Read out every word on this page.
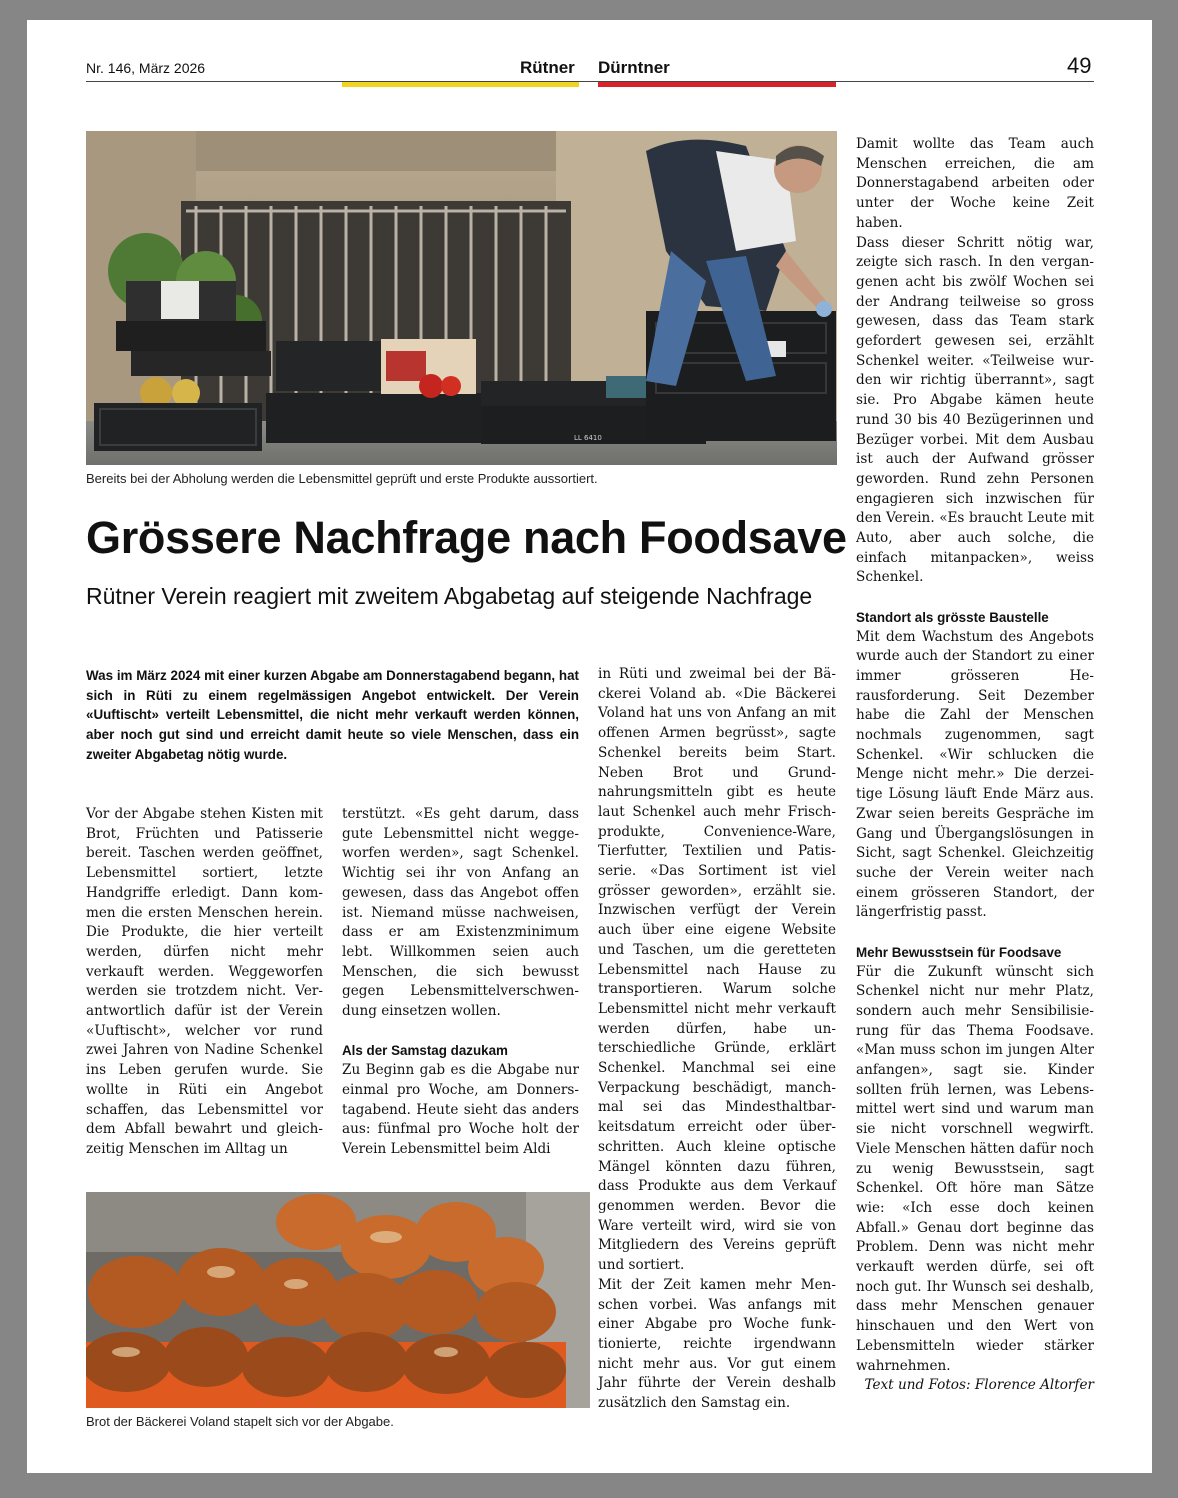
Nr. 146, März 2026	Rütner Dürntner	49
LL 6410
Bereits bei der Abholung werden die Lebensmittel geprüft und erste Produkte aussortiert.
Grössere Nachfrage nach Foodsave
Rütner Verein reagiert mit zweitem Abgabetag auf steigende Nachfrage
Was im März 2024 mit einer kurzen Abgabe am Donnerstagabend begann, hat sich in Rüti zu einem regelmässigen Angebot entwickelt. Der Verein «Uuftischt» verteilt Lebensmittel, die nicht mehr verkauft werden können, aber noch gut sind und erreicht damit heute so viele Menschen, dass ein zweiter Abgabetag nötig wurde.

Vor der Abgabe stehen Kisten mit Brot, Früchten und Patisserie bereit. Taschen werden geöffnet, Lebensmittel sortiert, letzte Handgriffe erledigt. Dann kommen die ersten Menschen herein. Die Produkte, die hier verteilt werden, dürfen nicht mehr verkauft werden. Weggeworfen werden sie trotzdem nicht. Verantwortlich dafür ist der Verein «Uuftischt», welcher vor rund zwei Jahren von Nadine Schenkel ins Leben gerufen wurde. Sie wollte in Rüti ein Angebot schaffen, das Lebensmittel vor dem Abfall bewahrt und gleichzeitig Menschen im Alltag un

terstützt. «Es geht darum, dass gute Lebensmittel nicht weggeworfen werden», sagt Schenkel. Wichtig sei ihr von Anfang an gewesen, dass das Angebot offen ist. Niemand müsse nachweisen, dass er am Existenzminimum lebt. Willkommen seien auch Menschen, die sich bewusst gegen Lebensmittelverschwendung einsetzen wollen.

Als der Samstag dazukam

Zu Beginn gab es die Abgabe nur einmal pro Woche, am Donnerstagabend. Heute sieht das anders aus: fünfmal pro Woche holt der Verein Lebensmittel beim Aldi

Brot der Bäckerei Voland stapelt sich vor der Abgabe.

in Rüti und zweimal bei der Bäckerei Voland ab. «Die Bäckerei Voland hat uns von Anfang an mit offenen Armen begrüsst», sagte Schenkel bereits beim Start. Neben Brot und Grundnahrungsmitteln gibt es heute laut Schenkel auch mehr Frischprodukte, Convenience-Ware, Tierfutter, Textilien und Patisserie. «Das Sortiment ist viel grösser geworden», erzählt sie. Inzwischen verfügt der Verein auch über eine eigene Website und Taschen, um die geretteten Lebensmittel nach Hause zu transportieren. Warum solche Lebensmittel nicht mehr verkauft werden dürfen, habe unterschiedliche Gründe, erklärt Schenkel. Manchmal sei eine Verpackung beschädigt, manchmal sei das Mindesthaltbarkeitsdatum erreicht oder überschritten. Auch kleine optische Mängel könnten dazu führen, dass Produkte aus dem Verkauf genommen werden. Bevor die Ware verteilt wird, wird sie von Mitgliedern des Vereins geprüft und sortiert.

Mit der Zeit kamen mehr Menschen vorbei. Was anfangs mit einer Abgabe pro Woche funktionierte, reichte irgendwann nicht mehr aus. Vor gut einem Jahr führte der Verein deshalb zusätzlich den Samstag ein.

Damit wollte das Team auch Menschen erreichen, die am Donnerstagabend arbeiten oder unter der Woche keine Zeit haben.

Dass dieser Schritt nötig war, zeigte sich rasch. In den vergangenen acht bis zwölf Wochen sei der Andrang teilweise so gross gewesen, dass das Team stark gefordert gewesen sei, erzählt Schenkel weiter. «Teilweise wurden wir richtig überrannt», sagt sie. Pro Abgabe kämen heute rund 30 bis 40 Bezügerinnen und Bezüger vorbei. Mit dem Ausbau ist auch der Aufwand grösser geworden. Rund zehn Personen engagieren sich inzwischen für den Verein. «Es braucht Leute mit Auto, aber auch solche, die einfach mitanpacken», weiss Schenkel.

Standort als grösste Baustelle

Mit dem Wachstum des Angebots wurde auch der Standort zu einer immer grösseren Herausforderung. Seit Dezember habe die Zahl der Menschen nochmals zugenommen, sagt Schenkel. «Wir schlucken die Menge nicht mehr.» Die derzeitige Lösung läuft Ende März aus. Zwar seien bereits Gespräche im Gang und Übergangslösungen in Sicht, sagt Schenkel. Gleichzeitig suche der Verein weiter nach einem grösseren Standort, der längerfristig passt.

Mehr Bewusstsein für Foodsave

Für die Zukunft wünscht sich Schenkel nicht nur mehr Platz, sondern auch mehr Sensibilisierung für das Thema Foodsave. «Man muss schon im jungen Alter anfangen», sagt sie. Kinder sollten früh lernen, was Lebensmittel wert sind und warum man sie nicht vorschnell wegwirft. Viele Menschen hätten dafür noch zu wenig Bewusstsein, sagt Schenkel. Oft höre man Sätze wie: «Ich esse doch keinen Abfall.» Genau dort beginne das Problem. Denn was nicht mehr verkauft werden dürfe, sei oft noch gut. Ihr Wunsch sei deshalb, dass mehr Menschen genauer hinschauen und den Wert von Lebensmitteln wieder stärker wahrnehmen.

Text und Fotos: Florence Altorfer
